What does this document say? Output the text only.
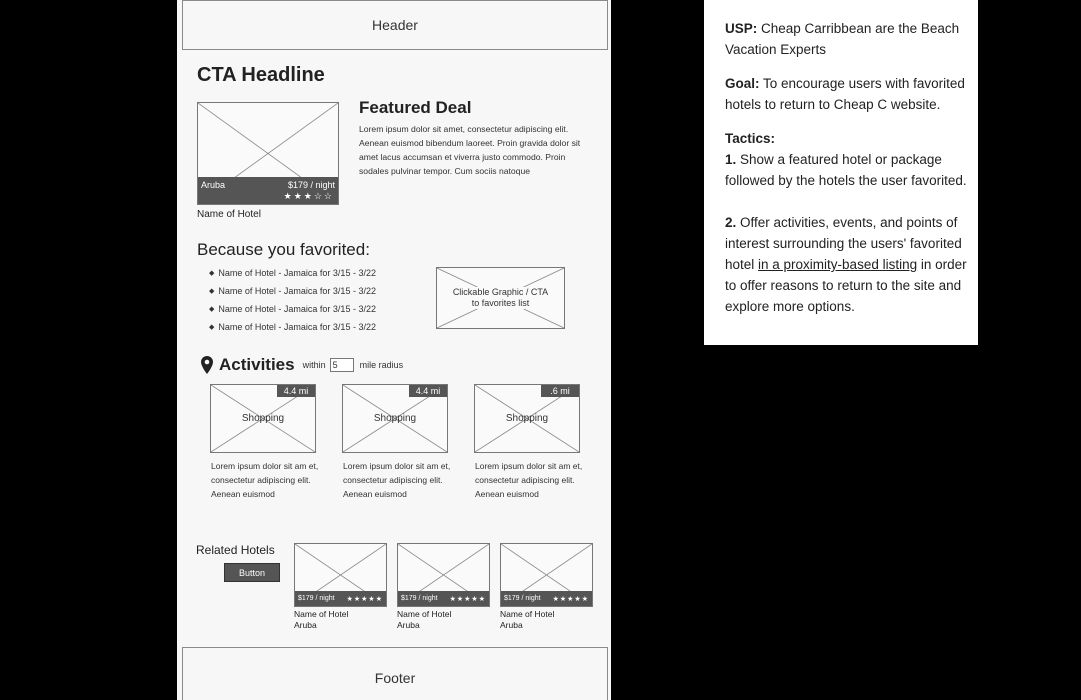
Header
CTA Headline
Aruba	$179 / night
★★★☆☆
Featured Deal
Lorem ipsum dolor sit amet, consectetur adipiscing elit. Aenean euismod bibendum laoreet. Proin gravida dolor sit amet lacus accumsan et viverra justo commodo. Proin sodales pulvinar tempor. Cum sociis natoque
Name of Hotel
Because you favorited:
◆ Name of Hotel - Jamaica for 3/15 - 3/22
◆ Name of Hotel - Jamaica for 3/15 - 3/22
◆ Name of Hotel - Jamaica for 3/15 - 3/22
◆ Name of Hotel - Jamaica for 3/15 - 3/22
Clickable Graphic / CTA to favorites list
Activities within 5	mile radius
4.4 mi
Shopping
Lorem ipsum dolor sit am et, consectetur adipiscing elit. Aenean euismod
4.4 mi
Shopping
Lorem ipsum dolor sit am et, consectetur adipiscing elit. Aenean euismod
.6 mi
Shopping
Lorem ipsum dolor sit am et, consectetur adipiscing elit. Aenean euismod
Related Hotels
Button
$179 / night ★★★★★
Name of Hotel
Aruba
$179 / night ★★★★★
Name of Hotel
Aruba
$179 / night ★★★★★
Name of Hotel
Aruba
Footer

USP: Cheap Carribbean are the Beach Vacation Experts

Goal: To encourage users with favorited hotels to return to Cheap C website.

Tactics:
1. Show a featured hotel or package followed by the hotels the user favorited.

2. Offer activities, events, and points of interest surrounding the users' favorited hotel in a proximity-based listing in order to offer reasons to return to the site and explore more options.
